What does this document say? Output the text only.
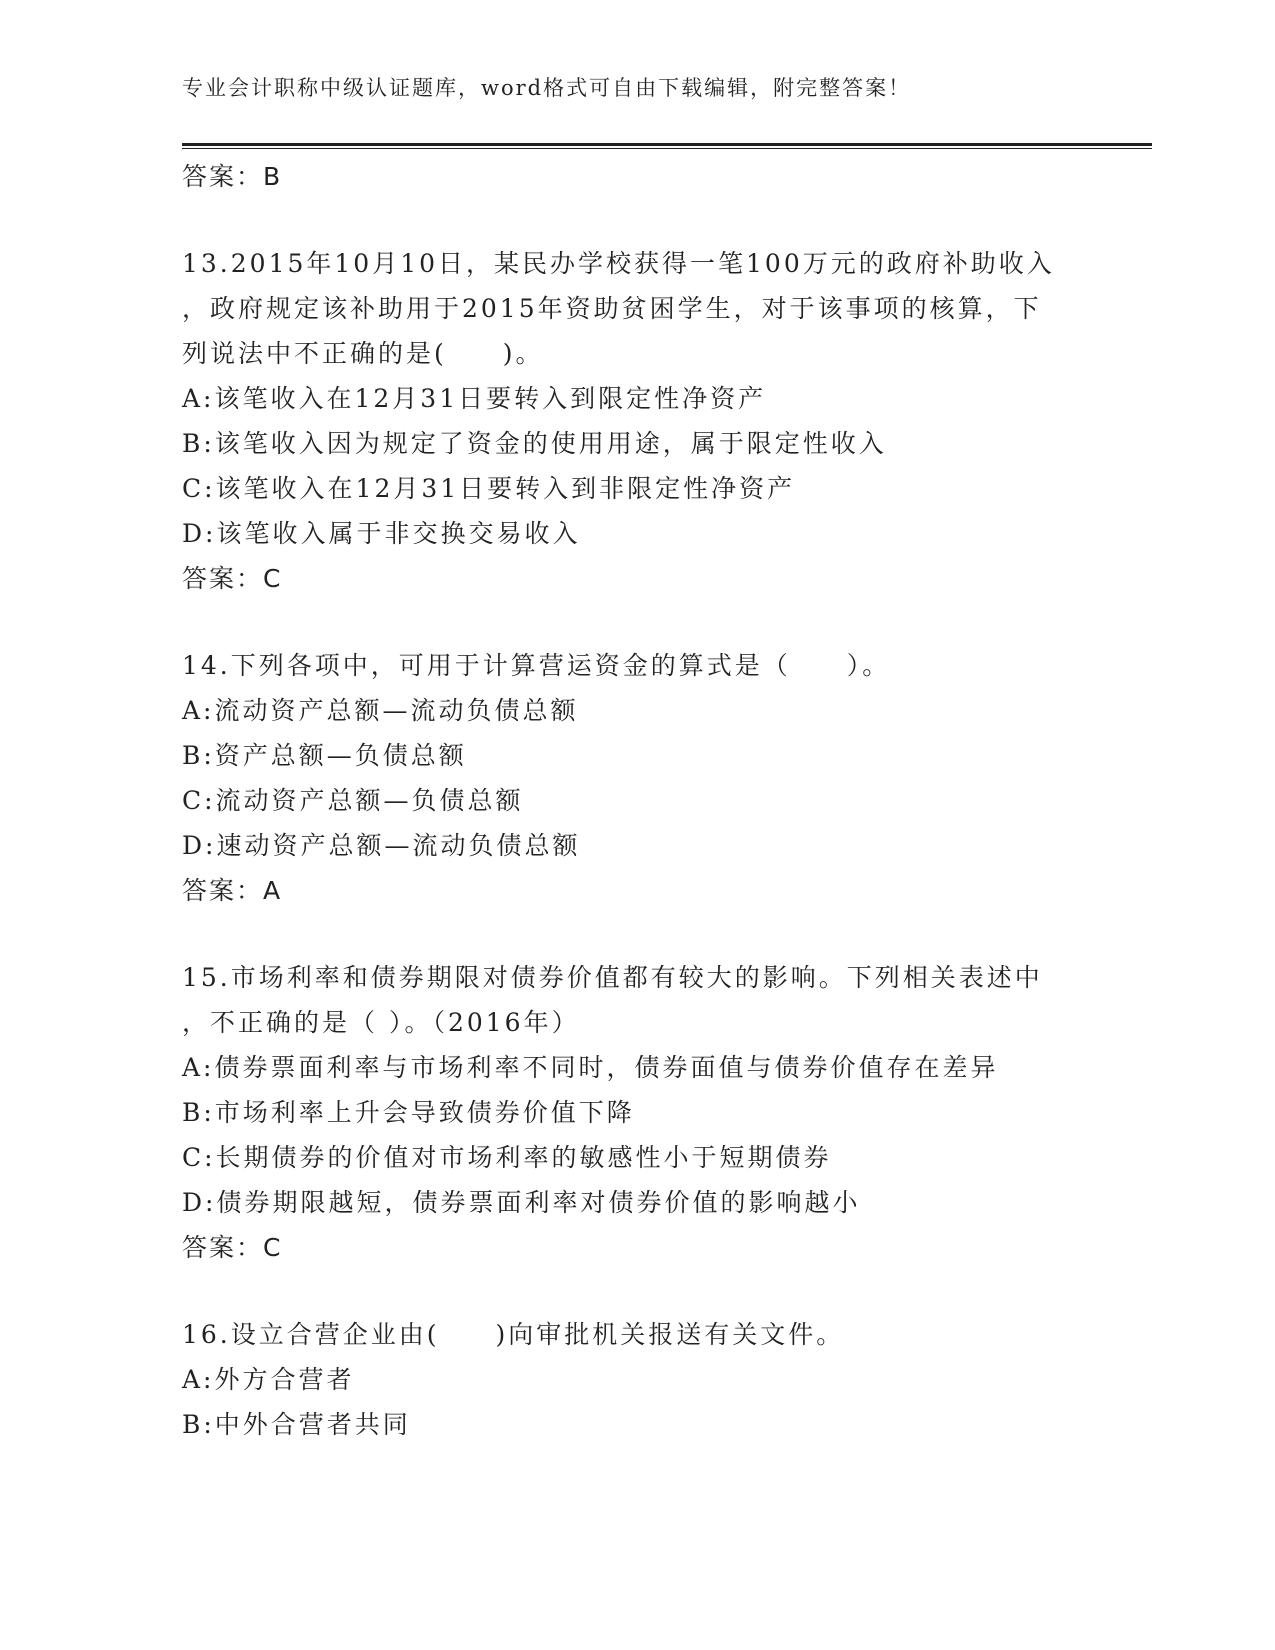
专业会计职称中级认证题库，word格式可自由下载编辑，附完整答案！
答案：B
13.2015年10月10日，某民办学校获得一笔100万元的政府补助收入
，政府规定该补助用于2015年资助贫困学生，对于该事项的核算，下
列说法中不正确的是(　　)。
A:该笔收入在12月31日要转入到限定性净资产
B:该笔收入因为规定了资金的使用用途，属于限定性收入
C:该笔收入在12月31日要转入到非限定性净资产
D:该笔收入属于非交换交易收入
答案：C
14.下列各项中，可用于计算营运资金的算式是（　　）。
A:流动资产总额—流动负债总额
B:资产总额—负债总额
C:流动资产总额—负债总额
D:速动资产总额—流动负债总额
答案：A
15.市场利率和债券期限对债券价值都有较大的影响。下列相关表述中
，不正确的是（ ）。（2016年）
A:债券票面利率与市场利率不同时，债券面值与债券价值存在差异
B:市场利率上升会导致债券价值下降
C:长期债券的价值对市场利率的敏感性小于短期债券
D:债券期限越短，债券票面利率对债券价值的影响越小
答案：C
16.设立合营企业由(　　)向审批机关报送有关文件。
A:外方合营者
B:中外合营者共同
